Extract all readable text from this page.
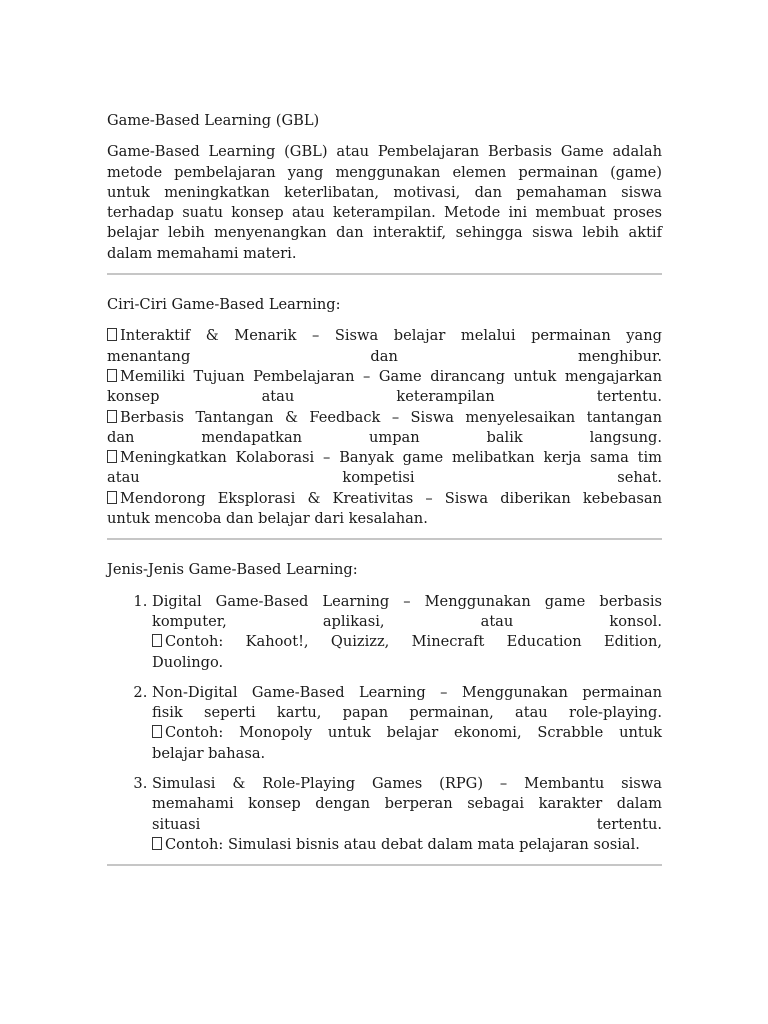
Game-Based Learning (GBL)

Game-Based Learning (GBL) atau Pembelajaran Berbasis Game adalah metode pembelajaran yang menggunakan elemen permainan (game) untuk meningkatkan keterlibatan, motivasi, dan pemahaman siswa terhadap suatu konsep atau keterampilan. Metode ini membuat proses belajar lebih menyenangkan dan interaktif, sehingga siswa lebih aktif dalam memahami materi.

Ciri-Ciri Game-Based Learning:

Interaktif & Menarik – Siswa belajar melalui permainan yang
menantang dan menghibur.
Memiliki Tujuan Pembelajaran – Game dirancang untuk mengajarkan
konsep atau keterampilan tertentu.
Berbasis Tantangan & Feedback – Siswa menyelesaikan tantangan
dan mendapatkan umpan balik langsung.
Meningkatkan Kolaborasi – Banyak game melibatkan kerja sama tim
atau kompetisi sehat.
Mendorong Eksplorasi & Kreativitas – Siswa diberikan kebebasan
untuk mencoba dan belajar dari kesalahan.

Jenis-Jenis Game-Based Learning:

1. Digital Game-Based Learning – Menggunakan game berbasis
komputer, aplikasi, atau konsol.
Contoh: Kahoot!, Quizizz, Minecraft Education Edition,
Duolingo.
2. Non-Digital Game-Based Learning – Menggunakan permainan
fisik seperti kartu, papan permainan, atau role-playing.
Contoh: Monopoly untuk belajar ekonomi, Scrabble untuk
belajar bahasa.
3. Simulasi & Role-Playing Games (RPG) – Membantu siswa
memahami konsep dengan berperan sebagai karakter dalam
situasi tertentu.
Contoh: Simulasi bisnis atau debat dalam mata pelajaran sosial.
